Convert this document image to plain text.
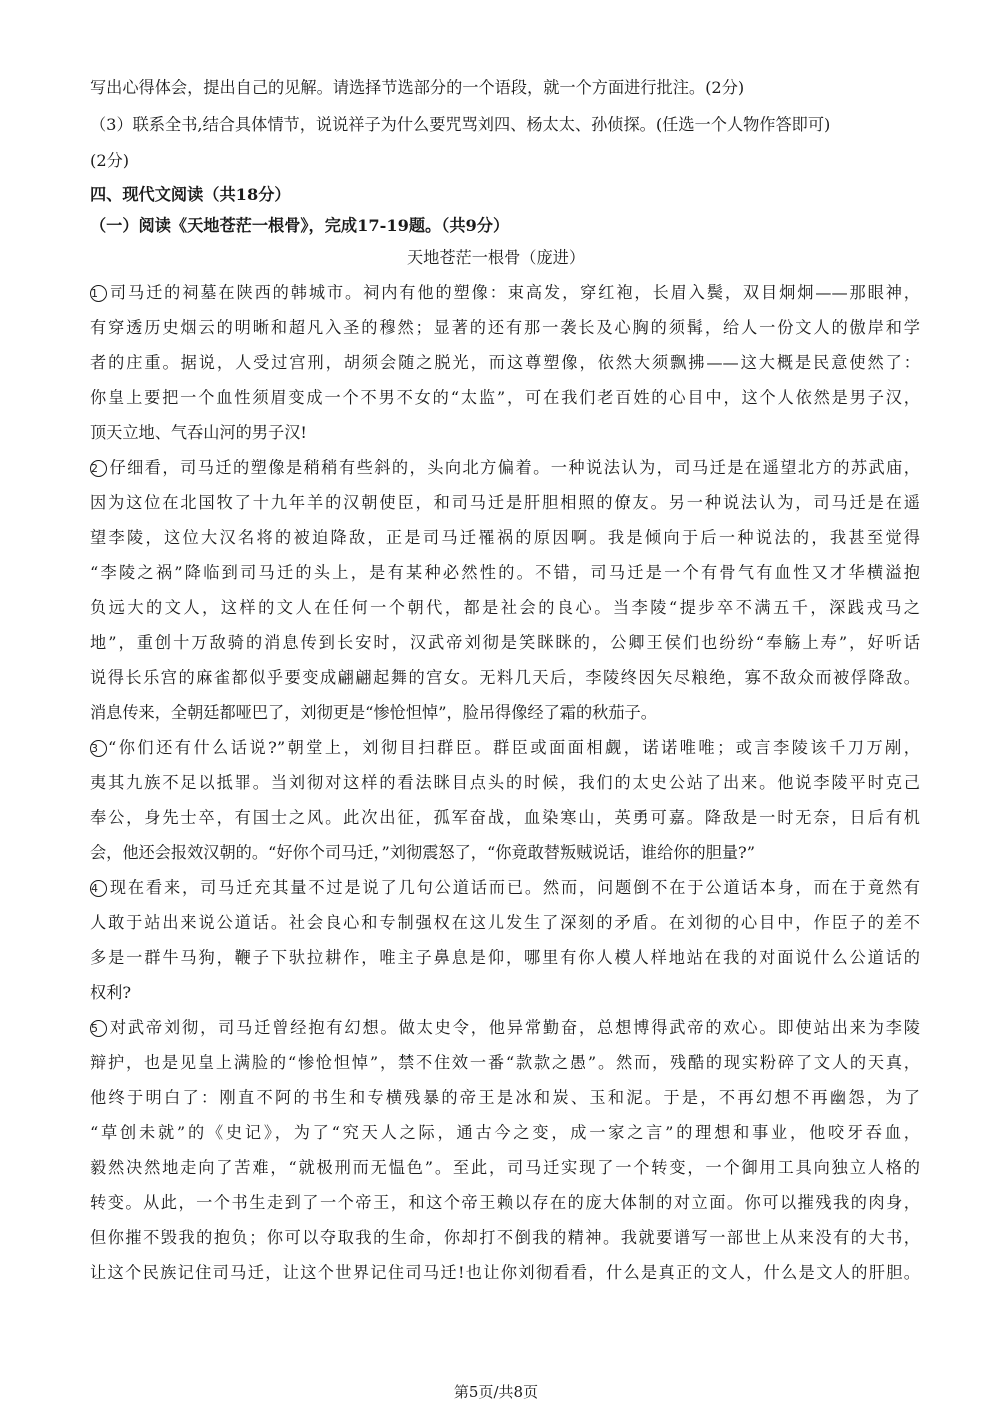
写出心得体会，提出自己的见解。请选择节选部分的一个语段，就一个方面进行批注。(2分)
（3）联系全书,结合具体情节，说说祥子为什么要咒骂刘四、杨太太、孙侦探。(任选一个人物作答即可)
(2分)
四、现代文阅读（共18分）
（一）阅读《天地苍茫一根骨》，完成17-19题。（共9分）
天地苍茫一根骨（庞进）
1 司马迁的祠墓在陕西的韩城市。祠内有他的塑像：束高发，穿红袍，长眉入鬓，双目炯炯——那眼神，
有穿透历史烟云的明晰和超凡入圣的穆然；显著的还有那一袭长及心胸的须髯，给人一份文人的傲岸和学
者的庄重。据说，人受过宫刑，胡须会随之脱光，而这尊塑像，依然大须飘拂——这大概是民意使然了：
你皇上要把一个血性须眉变成一个不男不女的“太监”，可在我们老百姓的心目中，这个人依然是男子汉，
顶天立地、气吞山河的男子汉!
2 仔细看，司马迁的塑像是稍稍有些斜的，头向北方偏着。一种说法认为，司马迁是在遥望北方的苏武庙，
因为这位在北国牧了十九年羊的汉朝使臣，和司马迁是肝胆相照的僚友。另一种说法认为，司马迁是在遥
望李陵，这位大汉名将的被迫降敌，正是司马迁罹祸的原因啊。我是倾向于后一种说法的，我甚至觉得
“李陵之祸”降临到司马迁的头上，是有某种必然性的。不错，司马迁是一个有骨气有血性又才华横溢抱
负远大的文人，这样的文人在任何一个朝代，都是社会的良心。当李陵“提步卒不满五千，深践戎马之
地”，重创十万敌骑的消息传到长安时，汉武帝刘彻是笑眯眯的，公卿王侯们也纷纷“奉觞上寿”，好听话
说得长乐宫的麻雀都似乎要变成翩翩起舞的宫女。无料几天后，李陵终因矢尽粮绝，寡不敌众而被俘降敌。
消息传来，全朝廷都哑巴了，刘彻更是“惨怆怛悼”，脸吊得像经了霜的秋茄子。
3 “你们还有什么话说?”朝堂上，刘彻目扫群臣。群臣或面面相觑，诺诺唯唯；或言李陵该千刀万剐，
夷其九族不足以抵罪。当刘彻对这样的看法眯目点头的时候，我们的太史公站了出来。他说李陵平时克己
奉公，身先士卒，有国士之风。此次出征，孤军奋战，血染寒山，英勇可嘉。降敌是一时无奈，日后有机
会，他还会报效汉朝的。“好你个司马迁，”刘彻震怒了，“你竟敢替叛贼说话，谁给你的胆量?”
4 现在看来，司马迁充其量不过是说了几句公道话而已。然而，问题倒不在于公道话本身，而在于竟然有
人敢于站出来说公道话。社会良心和专制强权在这儿发生了深刻的矛盾。在刘彻的心目中，作臣子的差不
多是一群牛马狗，鞭子下驮拉耕作，唯主子鼻息是仰，哪里有你人模人样地站在我的对面说什么公道话的
权利?
5 对武帝刘彻，司马迁曾经抱有幻想。做太史令，他异常勤奋，总想博得武帝的欢心。即使站出来为李陵
辩护，也是见皇上满脸的“惨怆怛悼”，禁不住效一番“款款之愚”。然而，残酷的现实粉碎了文人的天真，
他终于明白了：刚直不阿的书生和专横残暴的帝王是冰和炭、玉和泥。于是，不再幻想不再幽怨，为了
“草创未就”的《史记》，为了“究天人之际，通古今之变，成一家之言”的理想和事业，他咬牙吞血，
毅然决然地走向了苦难，“就极刑而无愠色”。至此，司马迁实现了一个转变，一个御用工具向独立人格的
转变。从此，一个书生走到了一个帝王，和这个帝王赖以存在的庞大体制的对立面。你可以摧残我的肉身，
但你摧不毁我的抱负；你可以夺取我的生命，你却打不倒我的精神。我就要谱写一部世上从来没有的大书，
让这个民族记住司马迁，让这个世界记住司马迁!也让你刘彻看看，什么是真正的文人，什么是文人的肝胆。
第5页/共8页
